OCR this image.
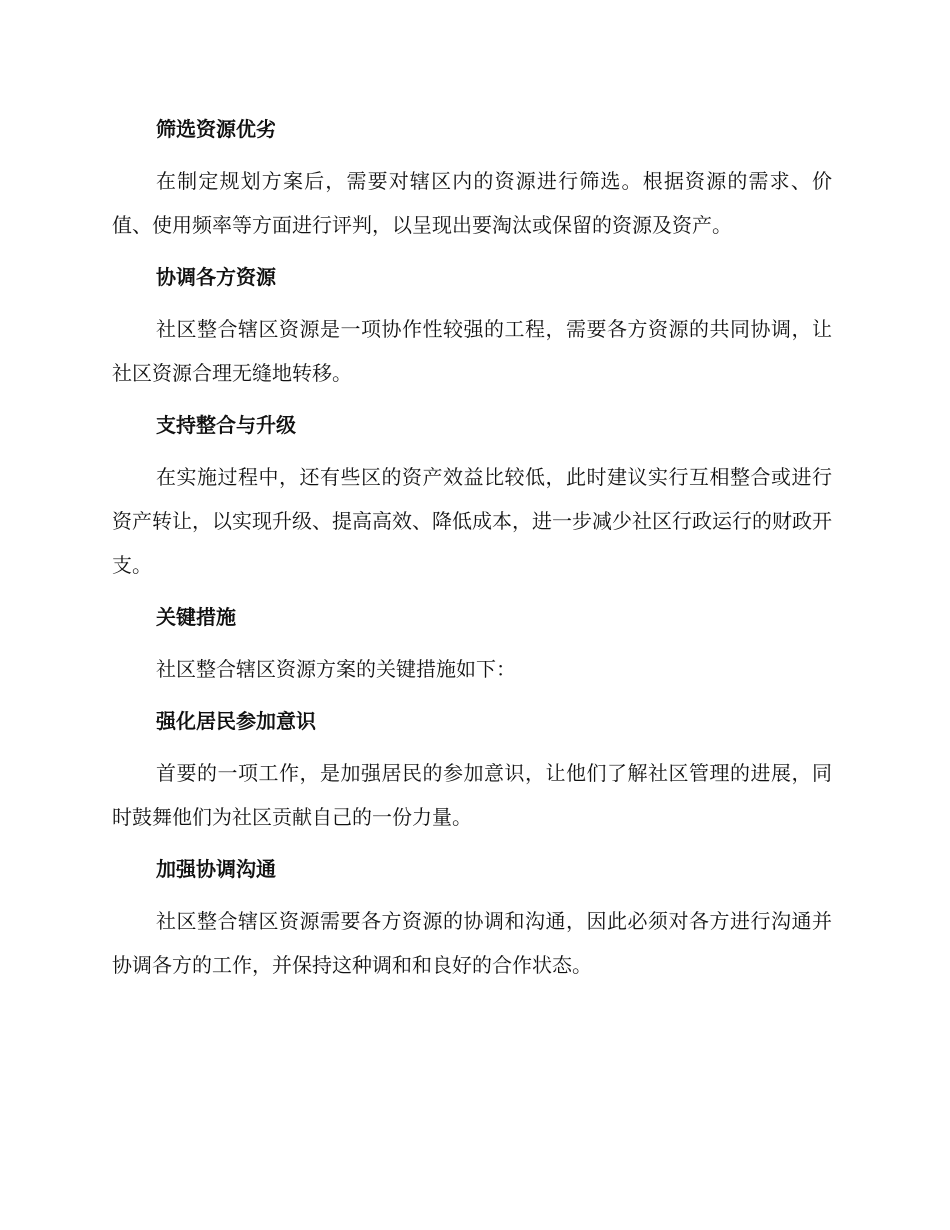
筛选资源优劣

在制定规划方案后，需要对辖区内的资源进行筛选。根据资源的需求、价值、使用频率等方面进行评判，以呈现出要淘汰或保留的资源及资产。

协调各方资源

社区整合辖区资源是一项协作性较强的工程，需要各方资源的共同协调，让社区资源合理无缝地转移。

支持整合与升级

在实施过程中，还有些区的资产效益比较低，此时建议实行互相整合或进行资产转让，以实现升级、提高高效、降低成本，进一步减少社区行政运行的财政开支。

关键措施

社区整合辖区资源方案的关键措施如下：

强化居民参加意识

首要的一项工作，是加强居民的参加意识，让他们了解社区管理的进展，同时鼓舞他们为社区贡献自己的一份力量。

加强协调沟通

社区整合辖区资源需要各方资源的协调和沟通，因此必须对各方进行沟通并协调各方的工作，并保持这种调和和良好的合作状态。
